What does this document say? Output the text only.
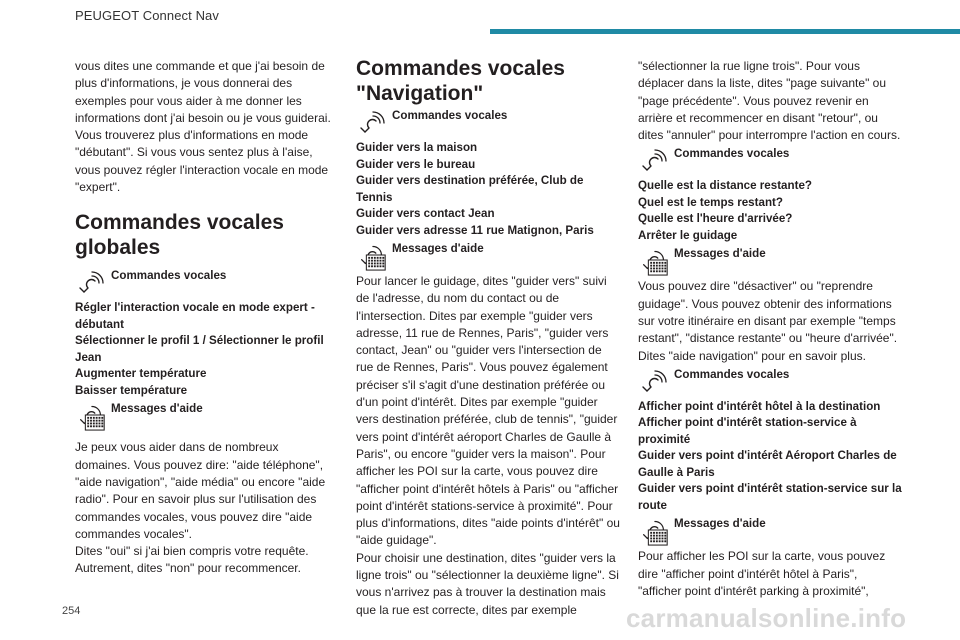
PEUGEOT Connect Nav

vous dites une commande et que j'ai besoin de plus d'informations, je vous donnerai des exemples pour vous aider à me donner les informations dont j'ai besoin ou je vous guiderai. Vous trouverez plus d'informations en mode "débutant". Si vous vous sentez plus à l'aise, vous pouvez régler l'interaction vocale en mode "expert".

Commandes vocales globales
Commandes vocales

Régler l'interaction vocale en mode expert - débutant
Sélectionner le profil 1 / Sélectionner le profil Jean
Augmenter température
Baisser température

Messages d'aide

Je peux vous aider dans de nombreux domaines. Vous pouvez dire: "aide téléphone", "aide navigation", "aide média" ou encore "aide radio". Pour en savoir plus sur l'utilisation des commandes vocales, vous pouvez dire "aide commandes vocales".
Dites "oui" si j'ai bien compris votre requête. Autrement, dites "non" pour recommencer.

Commandes vocales "Navigation"
Commandes vocales

Guider vers la maison
Guider vers le bureau
Guider vers destination préférée, Club de Tennis
Guider vers contact Jean
Guider vers adresse 11 rue Matignon, Paris

Messages d'aide

Pour lancer le guidage, dites "guider vers" suivi de l'adresse, du nom du contact ou de l'intersection. Dites par exemple "guider vers adresse, 11 rue de Rennes, Paris", "guider vers contact, Jean" ou "guider vers l'intersection de rue de Rennes, Paris". Vous pouvez également préciser s'il s'agit d'une destination préférée ou d'un point d'intérêt. Dites par exemple "guider vers destination préférée, club de tennis", "guider vers point d'intérêt aéroport Charles de Gaulle à Paris", ou encore "guider vers la maison". Pour afficher les POI sur la carte, vous pouvez dire "afficher point d'intérêt hôtels à Paris" ou "afficher point d'intérêt stations-service à proximité". Pour plus d'informations, dites "aide points d'intérêt" ou "aide guidage".
Pour choisir une destination, dites "guider vers la ligne trois" ou "sélectionner la deuxième ligne". Si vous n'arrivez pas à trouver la destination mais que la rue est correcte, dites par exemple

"sélectionner la rue ligne trois". Pour vous déplacer dans la liste, dites "page suivante" ou "page précédente". Vous pouvez revenir en arrière et recommencer en disant "retour", ou dites "annuler" pour interrompre l'action en cours.

Commandes vocales

Quelle est la distance restante?
Quel est le temps restant?
Quelle est l'heure d'arrivée?
Arrêter le guidage

Messages d'aide

Vous pouvez dire "désactiver" ou "reprendre guidage". Vous pouvez obtenir des informations sur votre itinéraire en disant par exemple "temps restant", "distance restante" ou "heure d'arrivée". Dites "aide navigation" pour en savoir plus.

Commandes vocales

Afficher point d'intérêt hôtel à la destination
Afficher point d'intérêt station-service à proximité
Guider vers point d'intérêt Aéroport Charles de Gaulle à Paris
Guider vers point d'intérêt station-service sur la route

Messages d'aide

Pour afficher les POI sur la carte, vous pouvez dire "afficher point d'intérêt hôtel à Paris", "afficher point d'intérêt parking à proximité",

254	carmanualsonline.info
